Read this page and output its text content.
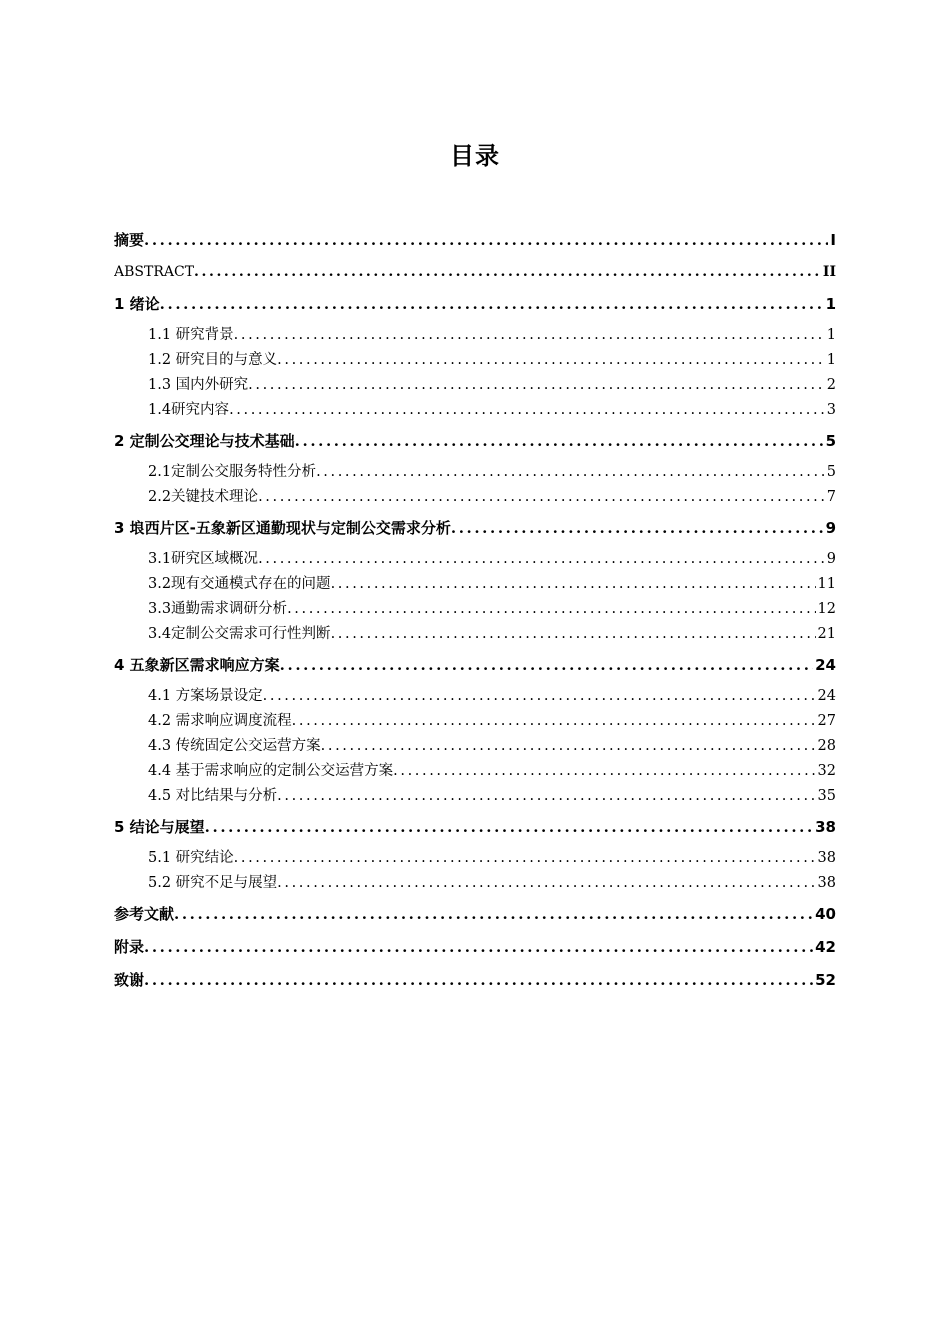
目录
摘要 .....	I
ABSTRACT .....	II
1 绪论 .....	1
1.1 研究背景 .....	1
1.2 研究目的与意义 .....	1
1.3 国内外研究 .....	2
1.4研究内容 .....	3
2 定制公交理论与技术基础 .....	5
2.1定制公交服务特性分析 .....	5
2.2关键技术理论 .....	7
3 埌西片区-五象新区通勤现状与定制公交需求分析 .....	9
3.1研究区域概况 .....	9
3.2现有交通模式存在的问题 .....	11
3.3通勤需求调研分析 .....	12
3.4定制公交需求可行性判断 .....	21
4 五象新区需求响应方案 .....	24
4.1 方案场景设定 .....	24
4.2 需求响应调度流程 .....	27
4.3 传统固定公交运营方案 .....	28
4.4 基于需求响应的定制公交运营方案 .....	32
4.5 对比结果与分析 .....	35
5 结论与展望 .....	38
5.1 研究结论 .....	38
5.2 研究不足与展望 .....	38
参考文献 .....	40
附录 .....	42
致谢 .....	52
